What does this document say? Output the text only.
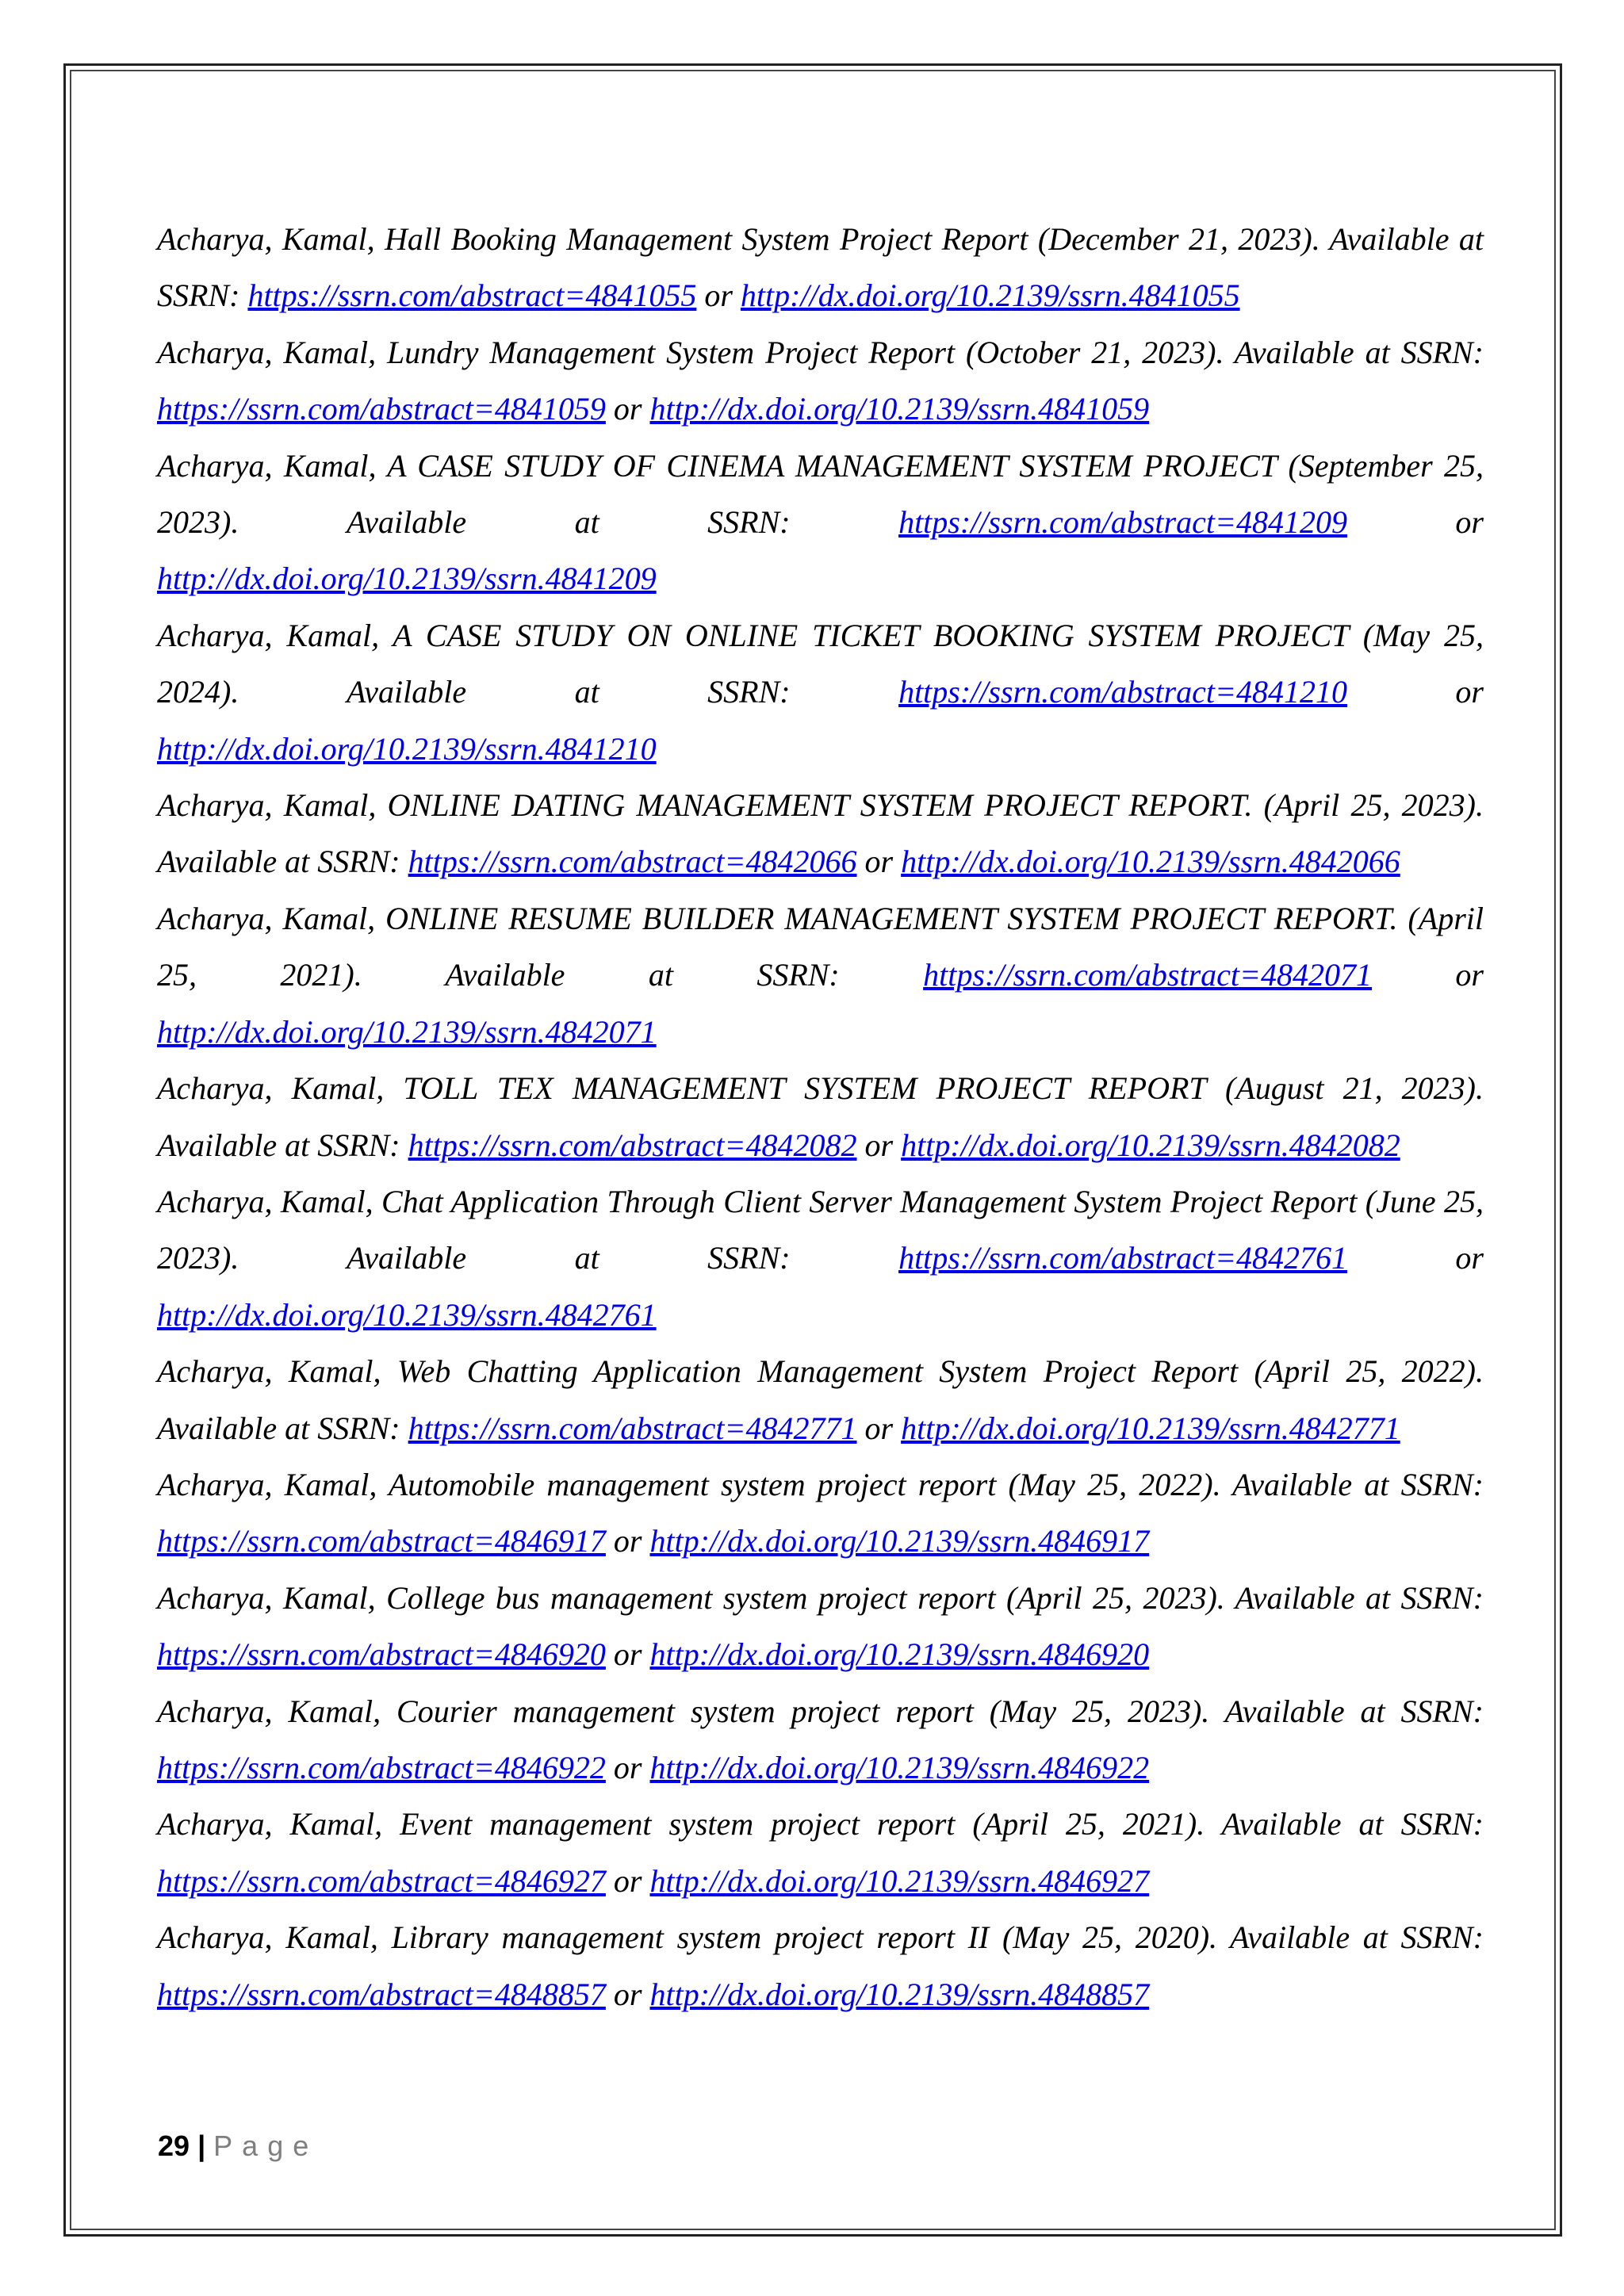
Acharya, Kamal, Hall Booking Management System Project Report (December 21, 2023). Available at SSRN: https://ssrn.com/abstract=4841055 or http://dx.doi.org/10.2139/ssrn.4841055

Acharya, Kamal, Lundry Management System Project Report (October 21, 2023). Available at SSRN: https://ssrn.com/abstract=4841059 or http://dx.doi.org/10.2139/ssrn.4841059

Acharya, Kamal, A CASE STUDY OF CINEMA MANAGEMENT SYSTEM PROJECT (September 25, 2023). Available at SSRN: https://ssrn.com/abstract=4841209 or http://dx.doi.org/10.2139/ssrn.4841209

Acharya, Kamal, A CASE STUDY ON ONLINE TICKET BOOKING SYSTEM PROJECT (May 25, 2024). Available at SSRN: https://ssrn.com/abstract=4841210 or http://dx.doi.org/10.2139/ssrn.4841210

Acharya, Kamal, ONLINE DATING MANAGEMENT SYSTEM PROJECT REPORT. (April 25, 2023). Available at SSRN: https://ssrn.com/abstract=4842066 or http://dx.doi.org/10.2139/ssrn.4842066

Acharya, Kamal, ONLINE RESUME BUILDER MANAGEMENT SYSTEM PROJECT REPORT. (April 25, 2021). Available at SSRN: https://ssrn.com/abstract=4842071 or http://dx.doi.org/10.2139/ssrn.4842071

Acharya, Kamal, TOLL TEX MANAGEMENT SYSTEM PROJECT REPORT (August 21, 2023). Available at SSRN: https://ssrn.com/abstract=4842082 or http://dx.doi.org/10.2139/ssrn.4842082

Acharya, Kamal, Chat Application Through Client Server Management System Project Report (June 25, 2023). Available at SSRN: https://ssrn.com/abstract=4842761 or http://dx.doi.org/10.2139/ssrn.4842761

Acharya, Kamal, Web Chatting Application Management System Project Report (April 25, 2022). Available at SSRN: https://ssrn.com/abstract=4842771 or http://dx.doi.org/10.2139/ssrn.4842771

Acharya, Kamal, Automobile management system project report (May 25, 2022). Available at SSRN: https://ssrn.com/abstract=4846917 or http://dx.doi.org/10.2139/ssrn.4846917

Acharya, Kamal, College bus management system project report (April 25, 2023). Available at SSRN: https://ssrn.com/abstract=4846920 or http://dx.doi.org/10.2139/ssrn.4846920

Acharya, Kamal, Courier management system project report (May 25, 2023). Available at SSRN: https://ssrn.com/abstract=4846922 or http://dx.doi.org/10.2139/ssrn.4846922

Acharya, Kamal, Event management system project report (April 25, 2021). Available at SSRN: https://ssrn.com/abstract=4846927 or http://dx.doi.org/10.2139/ssrn.4846927

Acharya, Kamal, Library management system project report II (May 25, 2020). Available at SSRN: https://ssrn.com/abstract=4848857 or http://dx.doi.org/10.2139/ssrn.4848857

29 | Page
